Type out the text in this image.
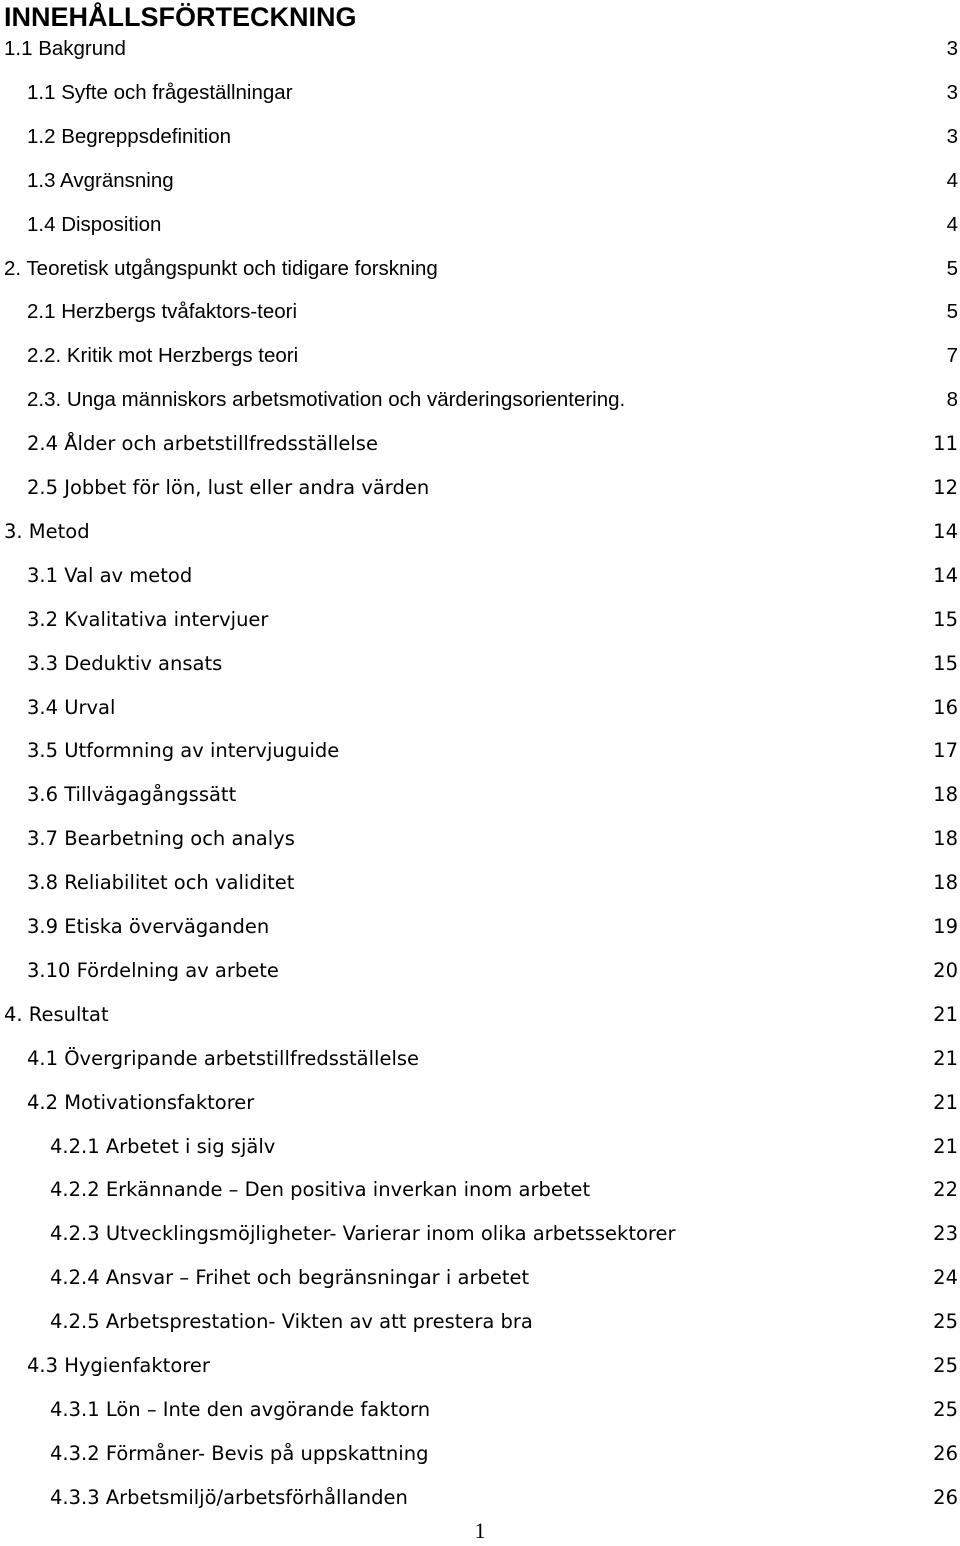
INNEHÅLLSFÖRTECKNING
1.1 Bakgrund	3
1.1 Syfte och frågeställningar	3
1.2 Begreppsdefinition	3
1.3 Avgränsning	4
1.4 Disposition	4
2. Teoretisk utgångspunkt och tidigare forskning	5
2.1 Herzbergs tvåfaktors-teori	5
2.2. Kritik mot Herzbergs teori	7
2.3. Unga människors arbetsmotivation och värderingsorientering.	8
2.4 Ålder och arbetstillfredsställelse	11
2.5 Jobbet för lön, lust eller andra värden	12
3. Metod	14
3.1 Val av metod	14
3.2 Kvalitativa intervjuer	15
3.3 Deduktiv ansats	15
3.4 Urval	16
3.5 Utformning av intervjuguide	17
3.6 Tillvägagångssätt	18
3.7 Bearbetning och analys	18
3.8 Reliabilitet och validitet	18
3.9 Etiska överväganden	19
3.10 Fördelning av arbete	20
4. Resultat	21
4.1 Övergripande arbetstillfredsställelse	21
4.2 Motivationsfaktorer	21
4.2.1 Arbetet i sig själv	21
4.2.2 Erkännande – Den positiva inverkan inom arbetet	22
4.2.3 Utvecklingsmöjligheter- Varierar inom olika arbetssektorer	23
4.2.4 Ansvar – Frihet och begränsningar i arbetet	24
4.2.5 Arbetsprestation- Vikten av att prestera bra	25
4.3 Hygienfaktorer	25
4.3.1 Lön – Inte den avgörande faktorn	25
4.3.2 Förmåner- Bevis på uppskattning	26
4.3.3 Arbetsmiljö/arbetsförhållanden	26
1
